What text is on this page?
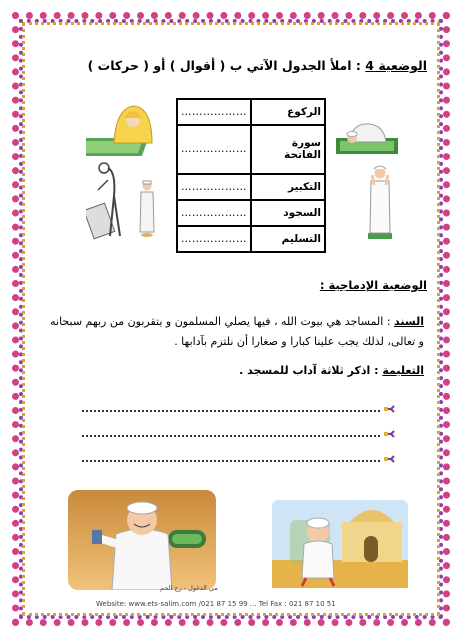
الوضعية 4 : املأ الجدول الآتي ب ( أقوال ) أو ( حركات )
الركوع	………………
سورة الفاتحة	………………
التكبير	………………
السجود	………………
التسليم	………………
الوضعية الإدماجية :
السند : المساجد هي بيوت الله ، فيها يصلي المسلمون و يتقربون من ربهم سبحانه
و تعالى، لذلك يجب علينا كبارا و صغارا أن نلتزم بآدابها .
التعليمة : اذكر ثلاثة آداب للمسجد .
مي الدغول - رج الحم
Website: www.ets-salim.com /021 87 15 99 ... Tel Fax : 021 87 10 51
